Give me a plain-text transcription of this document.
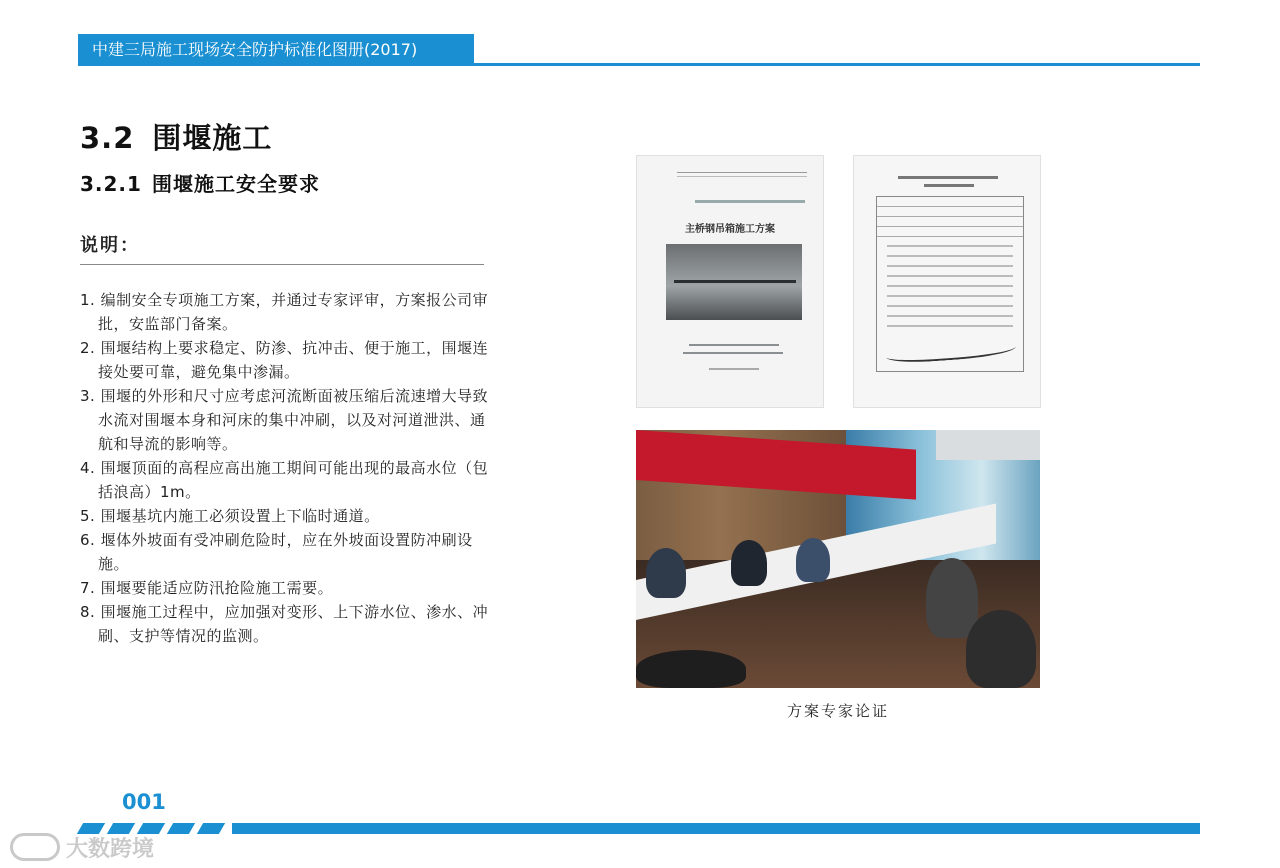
中建三局施工现场安全防护标准化图册(2017)
3.2 围堰施工
3.2.1 围堰施工安全要求
说明：
1. 编制安全专项施工方案，并通过专家评审，方案报公司审批，安监部门备案。
2. 围堰结构上要求稳定、防渗、抗冲击、便于施工，围堰连接处要可靠，避免集中渗漏。
3. 围堰的外形和尺寸应考虑河流断面被压缩后流速增大导致水流对围堰本身和河床的集中冲刷，以及对河道泄洪、通航和导流的影响等。
4. 围堰顶面的高程应高出施工期间可能出现的最高水位（包括浪高）1m。
5. 围堰基坑内施工必须设置上下临时通道。
6. 堰体外坡面有受冲刷危险时，应在外坡面设置防冲刷设施。
7. 围堰要能适应防汛抢险施工需要。
8. 围堰施工过程中，应加强对变形、上下游水位、渗水、冲刷、支护等情况的监测。
主桥钢吊箱施工方案
方案专家论证
001
大数跨境
